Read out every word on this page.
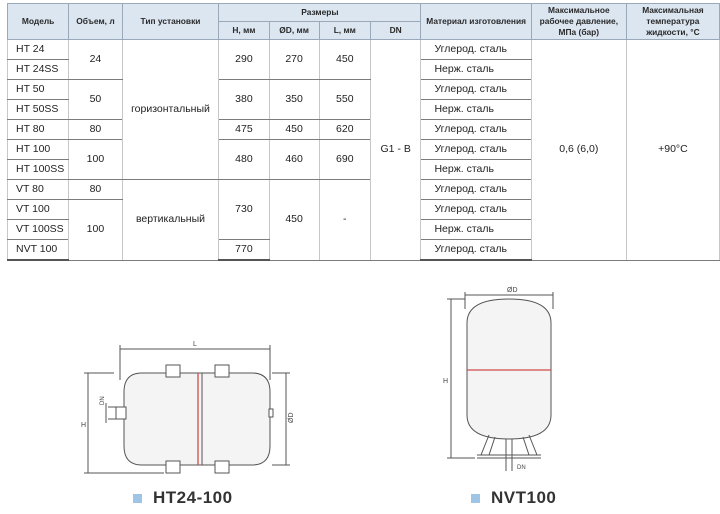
Модель	Объем, л	Тип установки	Размеры				Материал изготовления	Максимальное рабочее давление, МПа (бар)	Максимальная температура жидкости, °С
			H, мм	ØD, мм	L, мм	DN			
HT 24	24	горизонтальный	290	270	450	G1 - B	Углерод. сталь	0,6 (6,0)	+90°С
HT 24SS							Нерж. сталь		
HT 50	50		380	350	550		Углерод. сталь		
HT 50SS							Нерж. сталь		
HT 80	80		475	450	620		Углерод. сталь		
HT 100	100		480	460	690		Углерод. сталь		
HT 100SS							Нерж. сталь		
VT 80	80	вертикальный	730	450	-		Углерод. сталь		
VT 100	100						Углерод. сталь		
VT 100SS							Нерж. сталь		
NVT 100			770				Углерод. сталь		
L
H
ØD
DN
ØD
H
DN
HT24-100	NVT100
